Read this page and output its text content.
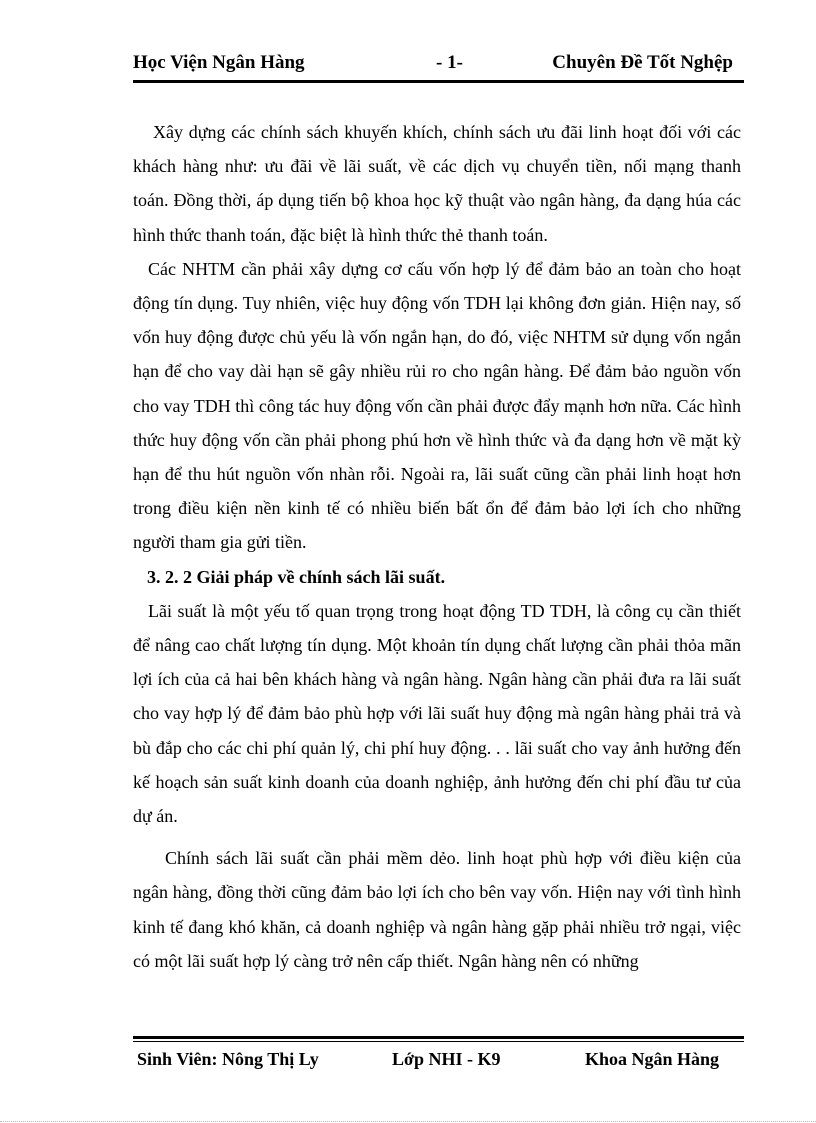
Học Viện Ngân Hàng	- 1-	Chuyên Đề Tốt Nghệp

Xây dựng các chính sách khuyến khích, chính sách ưu đãi linh hoạt đối với các khách hàng như: ưu đãi về lãi suất, về các dịch vụ chuyển tiền, nối mạng thanh toán. Đồng thời, áp dụng tiến bộ khoa học kỹ thuật vào ngân hàng, đa dạng húa các hình thức thanh toán, đặc biệt là hình thức thẻ thanh toán.

Các NHTM cần phải xây dựng cơ cấu vốn hợp lý để đảm bảo an toàn cho hoạt động tín dụng. Tuy nhiên, việc huy động vốn TDH lại không đơn giản. Hiện nay, số vốn huy động được chủ yếu là vốn ngắn hạn, do đó, việc NHTM sử dụng vốn ngắn hạn để cho vay dài hạn sẽ gây nhiều rủi ro cho ngân hàng. Để đảm bảo nguồn vốn cho vay TDH thì công tác huy động vốn cần phải được đẩy mạnh hơn nữa. Các hình thức huy động vốn cần phải phong phú hơn về hình thức và đa dạng hơn về mặt kỳ hạn để thu hút nguồn vốn nhàn rỗi. Ngoài ra, lãi suất cũng cần phải linh hoạt hơn trong điều kiện nền kinh tế có nhiều biến bất ổn để đảm bảo lợi ích cho những người tham gia gửi tiền.

3. 2. 2 Giải pháp về chính sách lãi suất.

Lãi suất là một yếu tố quan trọng trong hoạt động TD TDH, là công cụ cần thiết để nâng cao chất lượng tín dụng. Một khoản tín dụng chất lượng cần phải thỏa mãn lợi ích của cả hai bên khách hàng và ngân hàng. Ngân hàng cần phải đưa ra lãi suất cho vay hợp lý để đảm bảo phù hợp với lãi suất huy động mà ngân hàng phải trả và bù đắp cho các chi phí quản lý, chi phí huy động. . . lãi suất cho vay ảnh hưởng đến kế hoạch sản suất kinh doanh của doanh nghiệp, ảnh hưởng đến chi phí đầu tư của dự án.

Chính sách lãi suất cần phải mềm dẻo. linh hoạt phù hợp với điều kiện của ngân hàng, đồng thời cũng đảm bảo lợi ích cho bên vay vốn. Hiện nay với tình hình kinh tế đang khó khăn, cả doanh nghiệp và ngân hàng gặp phải nhiều trở ngại, việc có một lãi suất hợp lý càng trở nên cấp thiết. Ngân hàng nên có những

Sinh Viên: Nông Thị Ly	Lớp NHI - K9	Khoa Ngân Hàng
